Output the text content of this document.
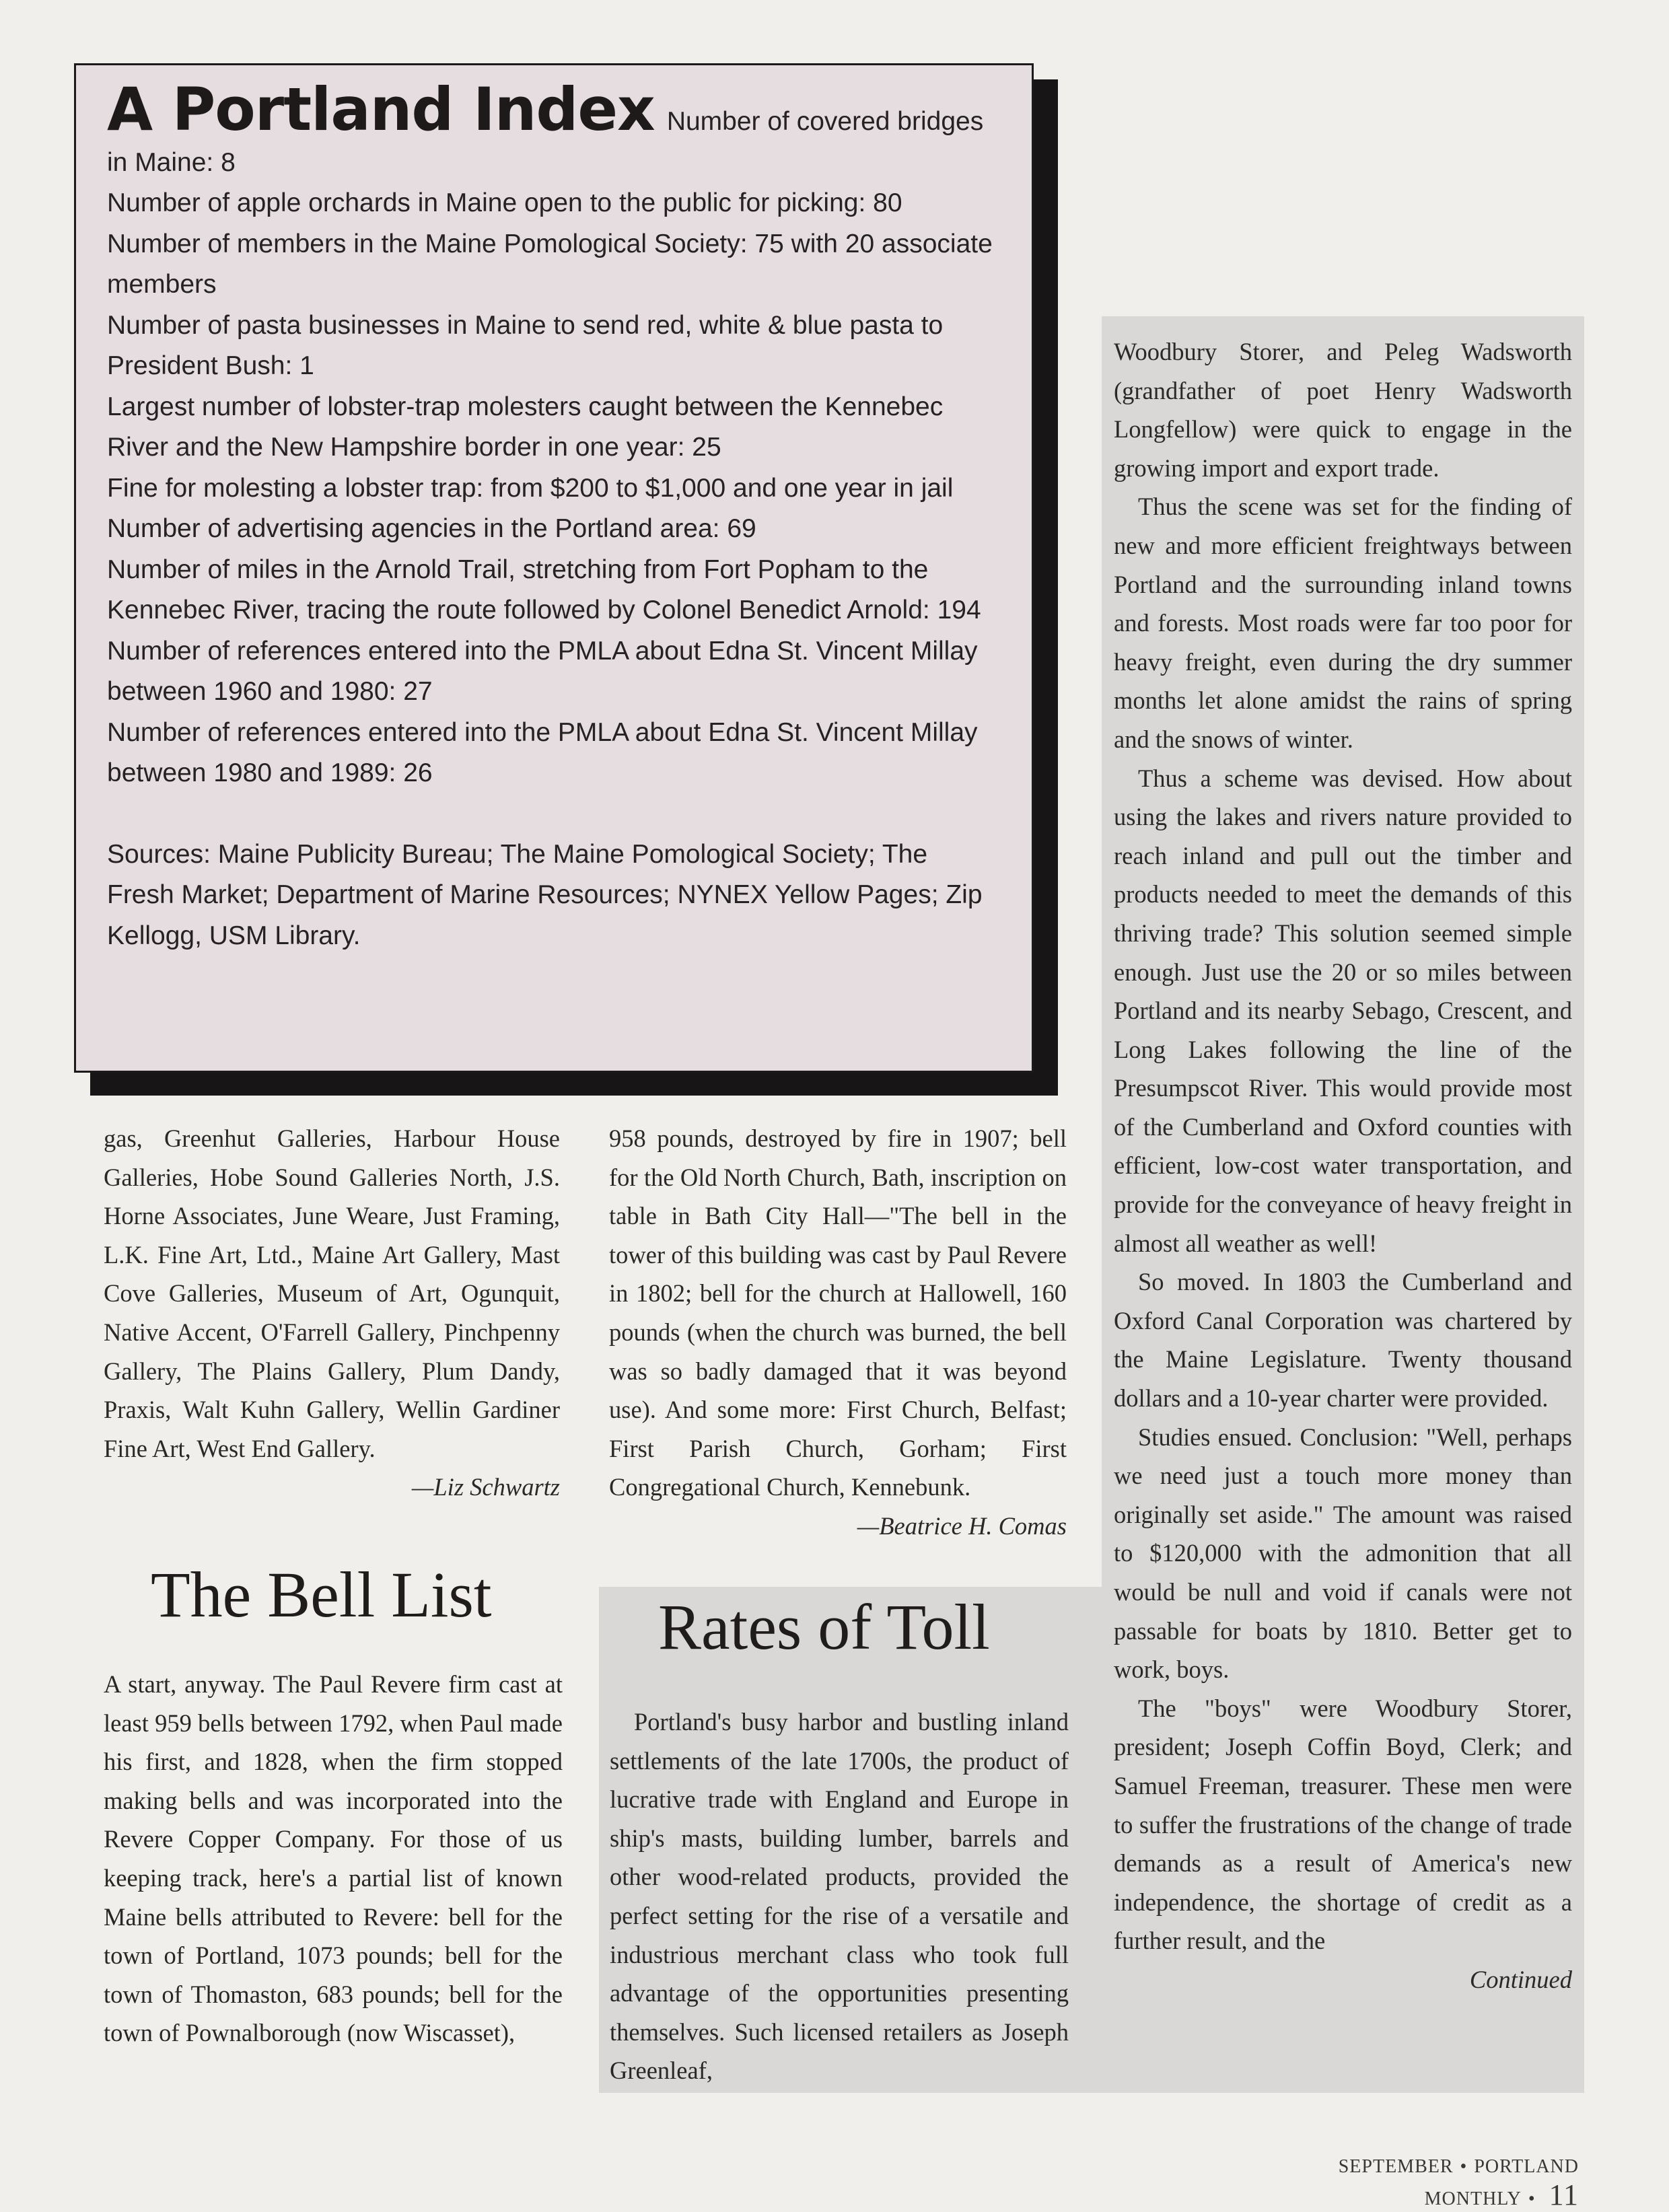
A Portland Index Number of covered bridges in Maine: 8
Number of apple orchards in Maine open to the public for picking: 80
Number of members in the Maine Pomological Society: 75 with 20 associate members
Number of pasta businesses in Maine to send red, white & blue pasta to President Bush: 1
Largest number of lobster-trap molesters caught between the Kennebec River and the New Hampshire border in one year: 25
Fine for molesting a lobster trap: from $200 to $1,000 and one year in jail
Number of advertising agencies in the Portland area: 69
Number of miles in the Arnold Trail, stretching from Fort Popham to the Kennebec River, tracing the route followed by Colonel Benedict Arnold: 194
Number of references entered into the PMLA about Edna St. Vincent Millay between 1960 and 1980: 27
Number of references entered into the PMLA about Edna St. Vincent Millay between 1980 and 1989: 26
Sources: Maine Publicity Bureau; The Maine Pomological Society; The Fresh Market; Department of Marine Resources; NYNEX Yellow Pages; Zip Kellogg, USM Library.

gas, Greenhut Galleries, Harbour House Galleries, Hobe Sound Galleries North, J.S. Horne Associates, June Weare, Just Framing, L.K. Fine Art, Ltd., Maine Art Gallery, Mast Cove Galleries, Museum of Art, Ogunquit, Native Accent, O'Farrell Gallery, Pinchpenny Gallery, The Plains Gallery, Plum Dandy, Praxis, Walt Kuhn Gallery, Wellin Gardiner Fine Art, West End Gallery.

—Liz Schwartz

The Bell List

A start, anyway. The Paul Revere firm cast at least 959 bells between 1792, when Paul made his first, and 1828, when the firm stopped making bells and was incorporated into the Revere Copper Company. For those of us keeping track, here's a partial list of known Maine bells attributed to Revere: bell for the town of Portland, 1073 pounds; bell for the town of Thomaston, 683 pounds; bell for the town of Pownalborough (now Wiscasset),

958 pounds, destroyed by fire in 1907; bell for the Old North Church, Bath, inscription on table in Bath City Hall—"The bell in the tower of this building was cast by Paul Revere in 1802; bell for the church at Hallowell, 160 pounds (when the church was burned, the bell was so badly damaged that it was beyond use). And some more: First Church, Belfast; First Parish Church, Gorham; First Congregational Church, Kennebunk.

—Beatrice H. Comas

Rates of Toll

Portland's busy harbor and bustling inland settlements of the late 1700s, the product of lucrative trade with England and Europe in ship's masts, building lumber, barrels and other wood-related products, provided the perfect setting for the rise of a versatile and industrious merchant class who took full advantage of the opportunities presenting themselves. Such licensed retailers as Joseph Greenleaf,

Woodbury Storer, and Peleg Wadsworth (grandfather of poet Henry Wadsworth Longfellow) were quick to engage in the growing import and export trade.

Thus the scene was set for the finding of new and more efficient freightways between Portland and the surrounding inland towns and forests. Most roads were far too poor for heavy freight, even during the dry summer months let alone amidst the rains of spring and the snows of winter.

Thus a scheme was devised. How about using the lakes and rivers nature provided to reach inland and pull out the timber and products needed to meet the demands of this thriving trade? This solution seemed simple enough. Just use the 20 or so miles between Portland and its nearby Sebago, Crescent, and Long Lakes following the line of the Presumpscot River. This would provide most of the Cumberland and Oxford counties with efficient, low-cost water transportation, and provide for the conveyance of heavy freight in almost all weather as well!

So moved. In 1803 the Cumberland and Oxford Canal Corporation was chartered by the Maine Legislature. Twenty thousand dollars and a 10-year charter were provided.

Studies ensued. Conclusion: "Well, perhaps we need just a touch more money than originally set aside." The amount was raised to $120,000 with the admonition that all would be null and void if canals were not passable for boats by 1810. Better get to work, boys.

The "boys" were Woodbury Storer, president; Joseph Coffin Boyd, Clerk; and Samuel Freeman, treasurer. These men were to suffer the frustrations of the change of trade demands as a result of America's new independence, the shortage of credit as a further result, and the

Continued

SEPTEMBER • PORTLAND MONTHLY • 11
